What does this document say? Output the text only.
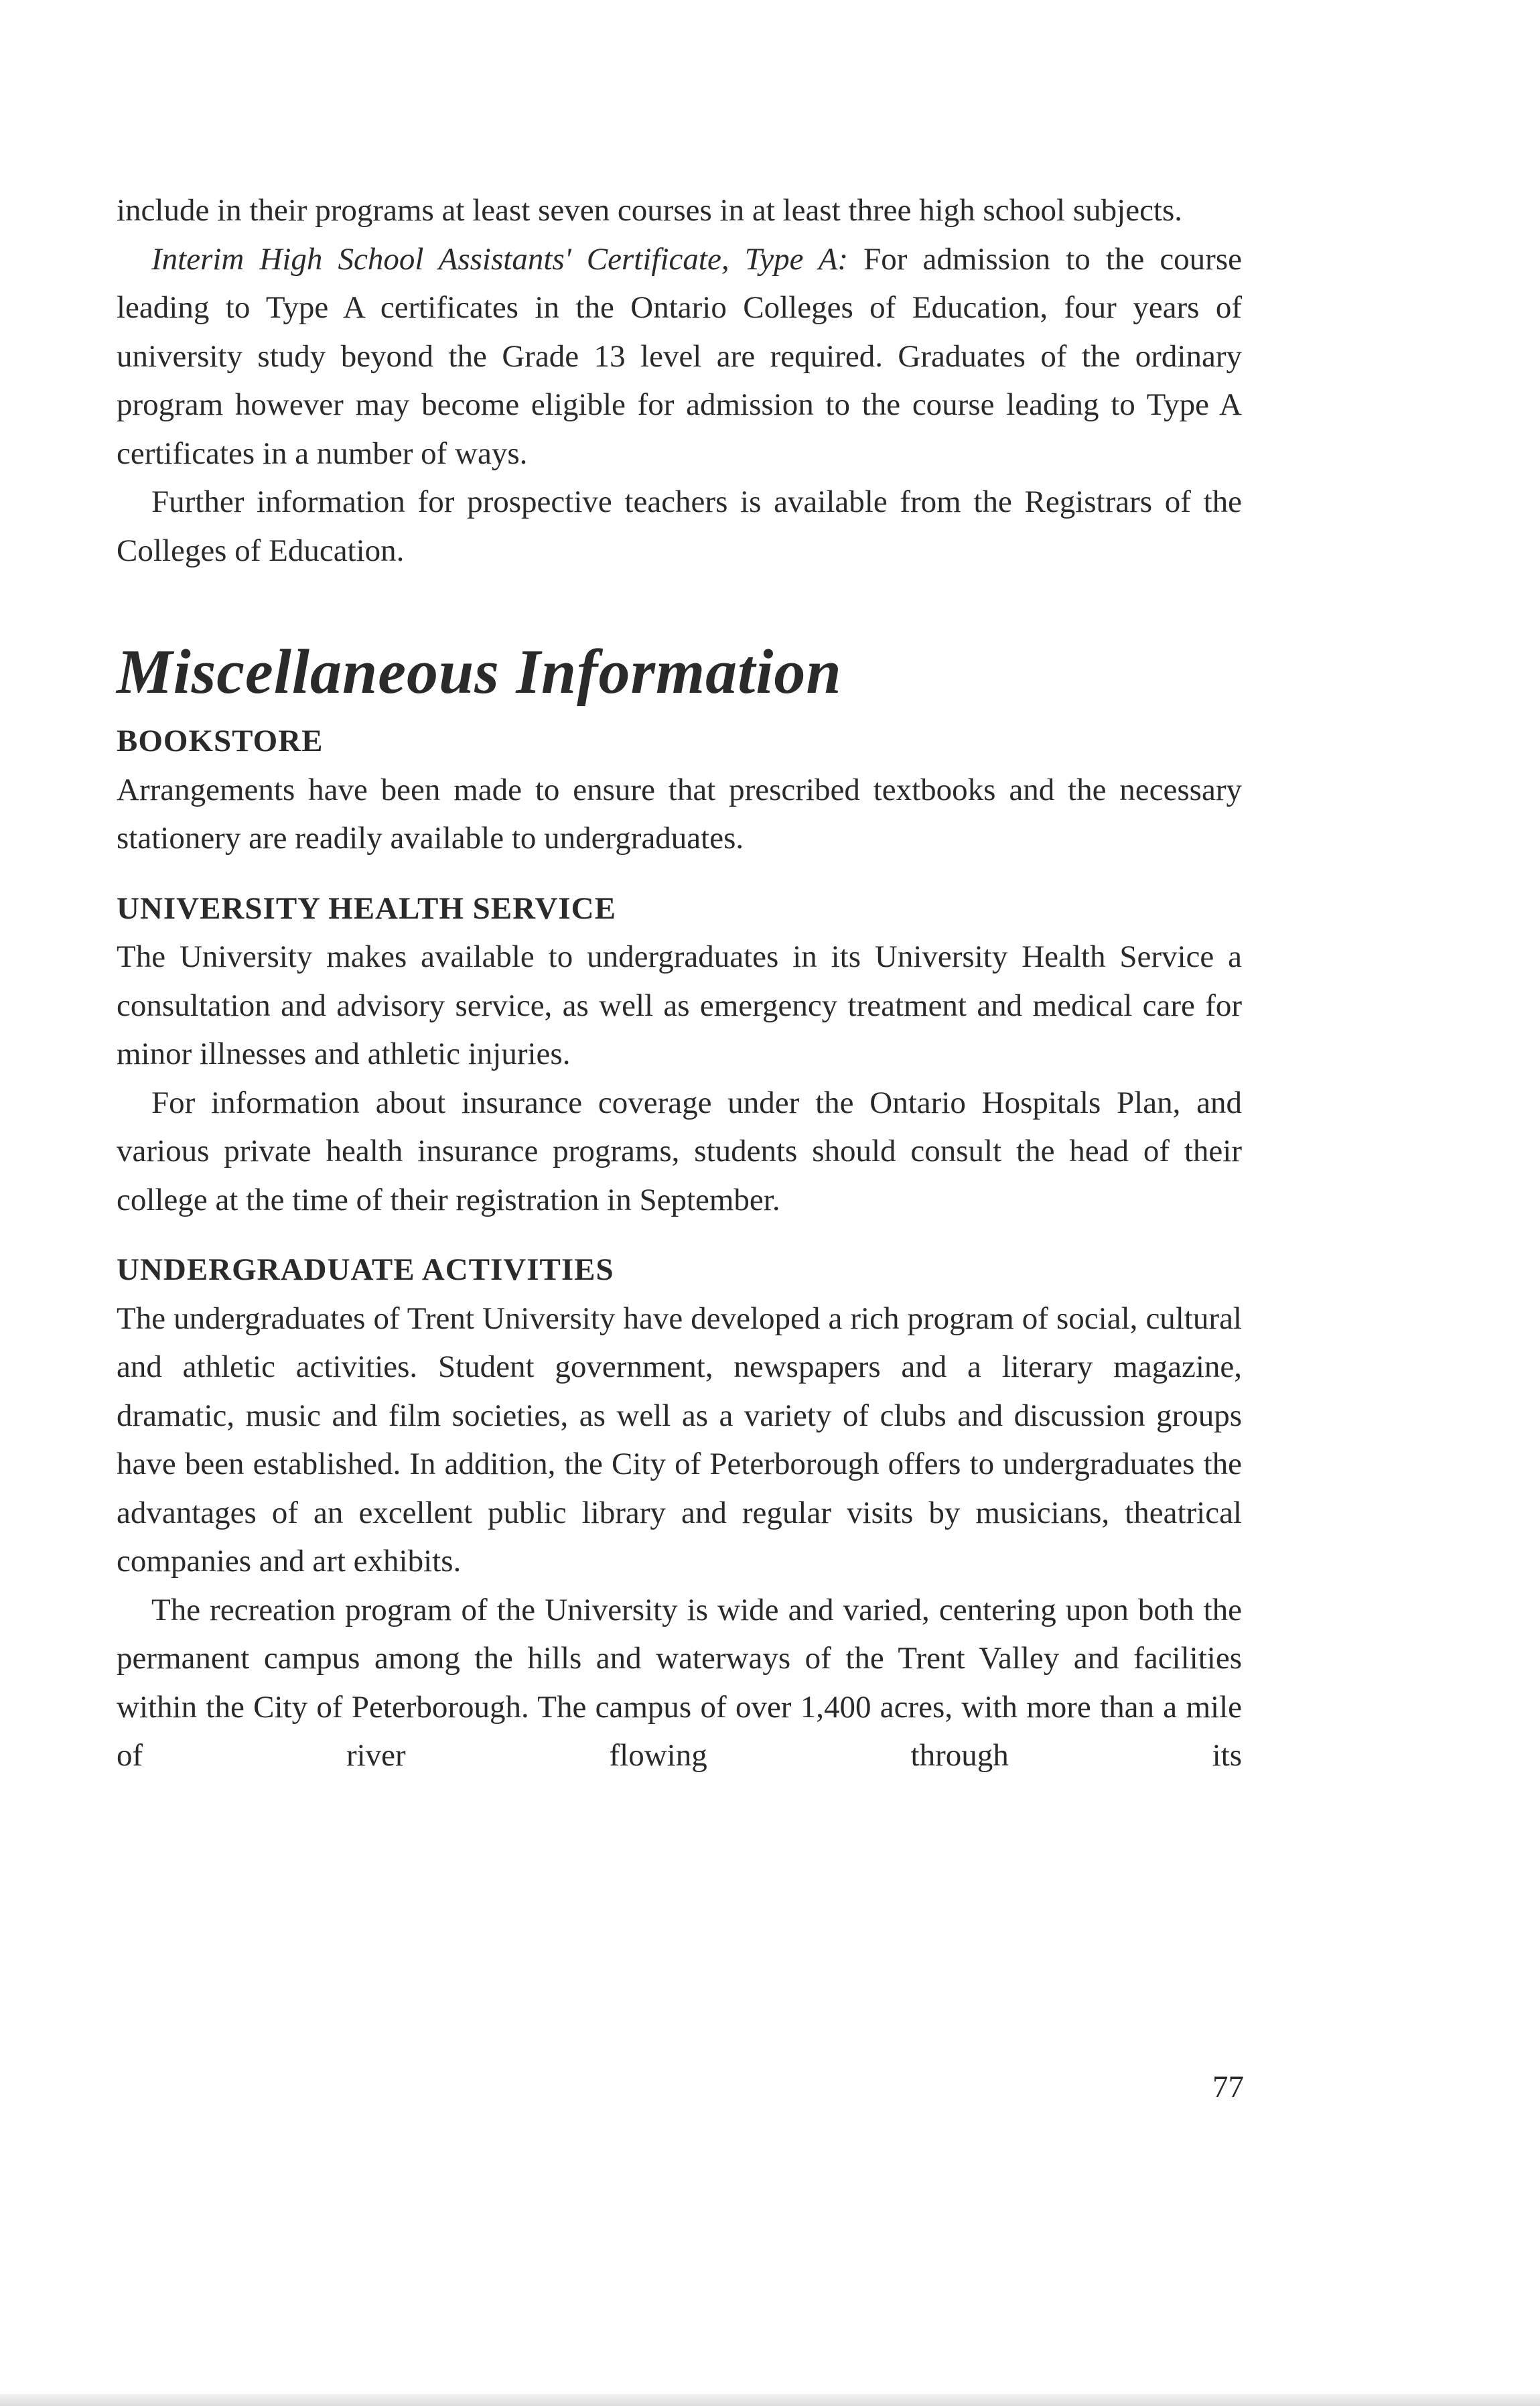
include in their programs at least seven courses in at least three high school subjects.

Interim High School Assistants' Certificate, Type A: For admission to the course leading to Type A certificates in the Ontario Colleges of Education, four years of university study beyond the Grade 13 level are required. Graduates of the ordinary program however may become eligible for admission to the course leading to Type A certificates in a number of ways.

Further information for prospective teachers is available from the Registrars of the Colleges of Education.

Miscellaneous Information
BOOKSTORE

Arrangements have been made to ensure that prescribed textbooks and the necessary stationery are readily available to undergraduates.

UNIVERSITY HEALTH SERVICE

The University makes available to undergraduates in its University Health Service a consultation and advisory service, as well as emergency treatment and medical care for minor illnesses and athletic injuries.

For information about insurance coverage under the Ontario Hospitals Plan, and various private health insurance programs, students should consult the head of their college at the time of their registration in September.

UNDERGRADUATE ACTIVITIES

The undergraduates of Trent University have developed a rich program of social, cultural and athletic activities. Student government, newspapers and a literary magazine, dramatic, music and film societies, as well as a variety of clubs and discussion groups have been established. In addition, the City of Peterborough offers to undergraduates the advantages of an excellent public library and regular visits by musicians, theatrical companies and art exhibits.

The recreation program of the University is wide and varied, centering upon both the permanent campus among the hills and waterways of the Trent Valley and facilities within the City of Peterborough. The campus of over 1,400 acres, with more than a mile of river flowing through its

77
